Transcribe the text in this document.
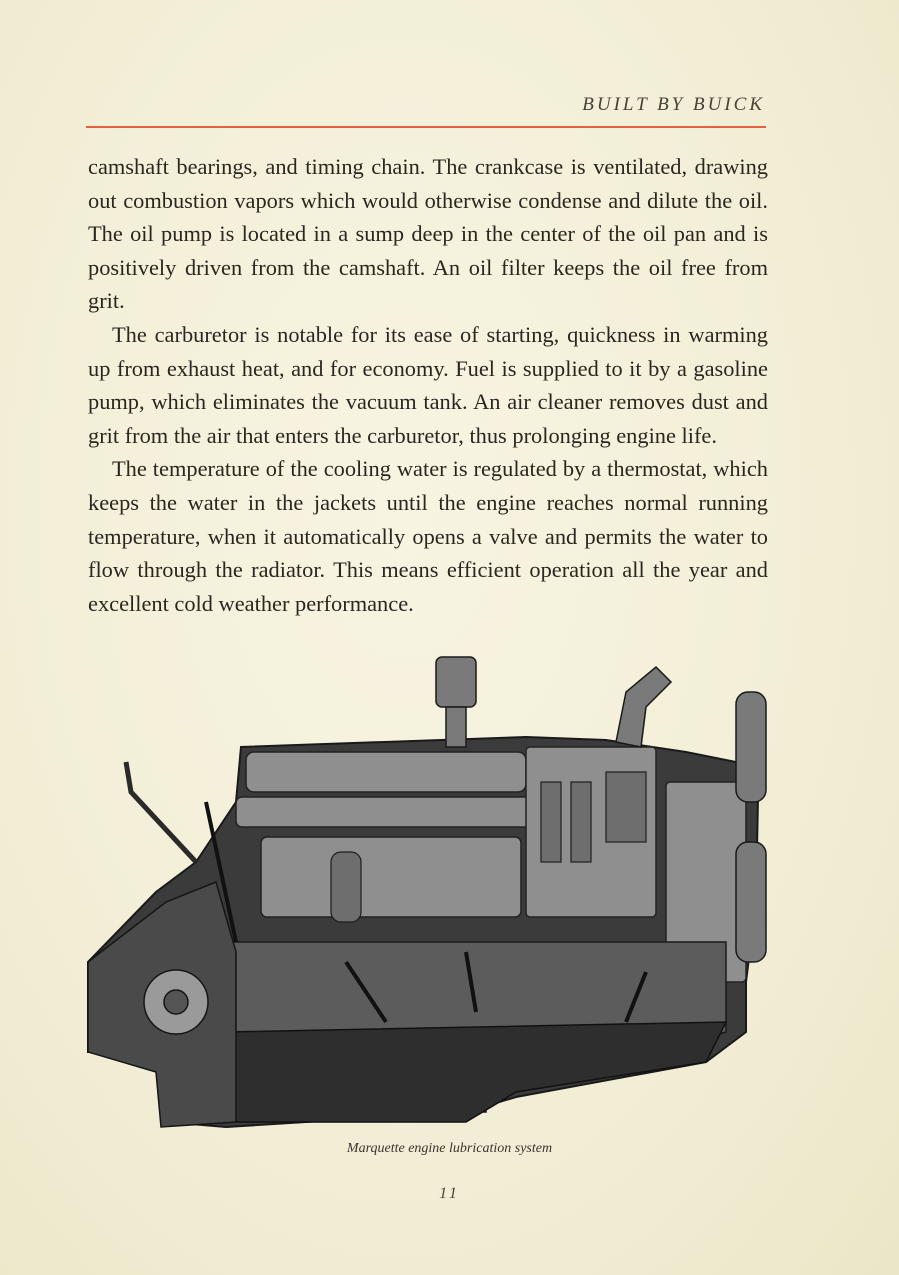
BUILT BY BUICK

camshaft bearings, and timing chain. The crankcase is ventilated, drawing out combustion vapors which would otherwise condense and dilute the oil. The oil pump is located in a sump deep in the center of the oil pan and is positively driven from the camshaft. An oil filter keeps the oil free from grit.

The carburetor is notable for its ease of starting, quickness in warming up from exhaust heat, and for economy. Fuel is supplied to it by a gasoline pump, which eliminates the vacuum tank. An air cleaner removes dust and grit from the air that enters the carburetor, thus prolonging engine life.

The temperature of the cooling water is regulated by a thermostat, which keeps the water in the jackets until the engine reaches normal running temperature, when it automatically opens a valve and permits the water to flow through the radiator. This means efficient operation all the year and excellent cold weather performance.

Marquette engine lubrication system
11
